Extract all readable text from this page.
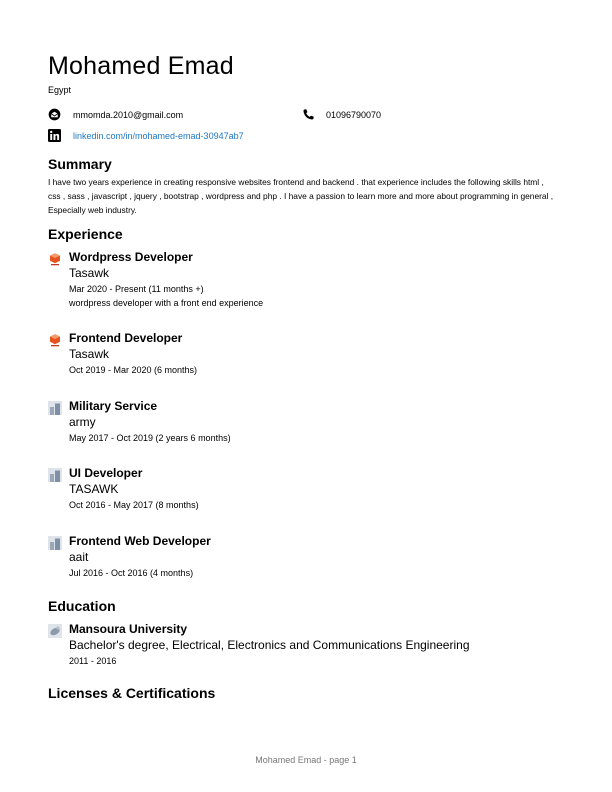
Mohamed Emad
Egypt
mmomda.2010@gmail.com	01096790070
linkedin.com/in/mohamed-emad-30947ab7
Summary

I have two years experience in creating responsive websites frontend and backend . that experience includes the following skills html , css , sass , javascript , jquery , bootstrap , wordpress and php . I have a passion to learn more and more about programming in general , Especially web industry.

Experience
Wordpress Developer
Tasawk
Mar 2020 - Present (11 months +)
wordpress developer with a front end experience
Frontend Developer
Tasawk
Oct 2019 - Mar 2020 (6 months)
Military Service
army
May 2017 - Oct 2019 (2 years 6 months)
UI Developer
TASAWK
Oct 2016 - May 2017 (8 months)
Frontend Web Developer
aait
Jul 2016 - Oct 2016 (4 months)
Education
Mansoura University
Bachelor's degree, Electrical, Electronics and Communications Engineering
2011 - 2016
Licenses & Certifications
Mohamed Emad - page 1
